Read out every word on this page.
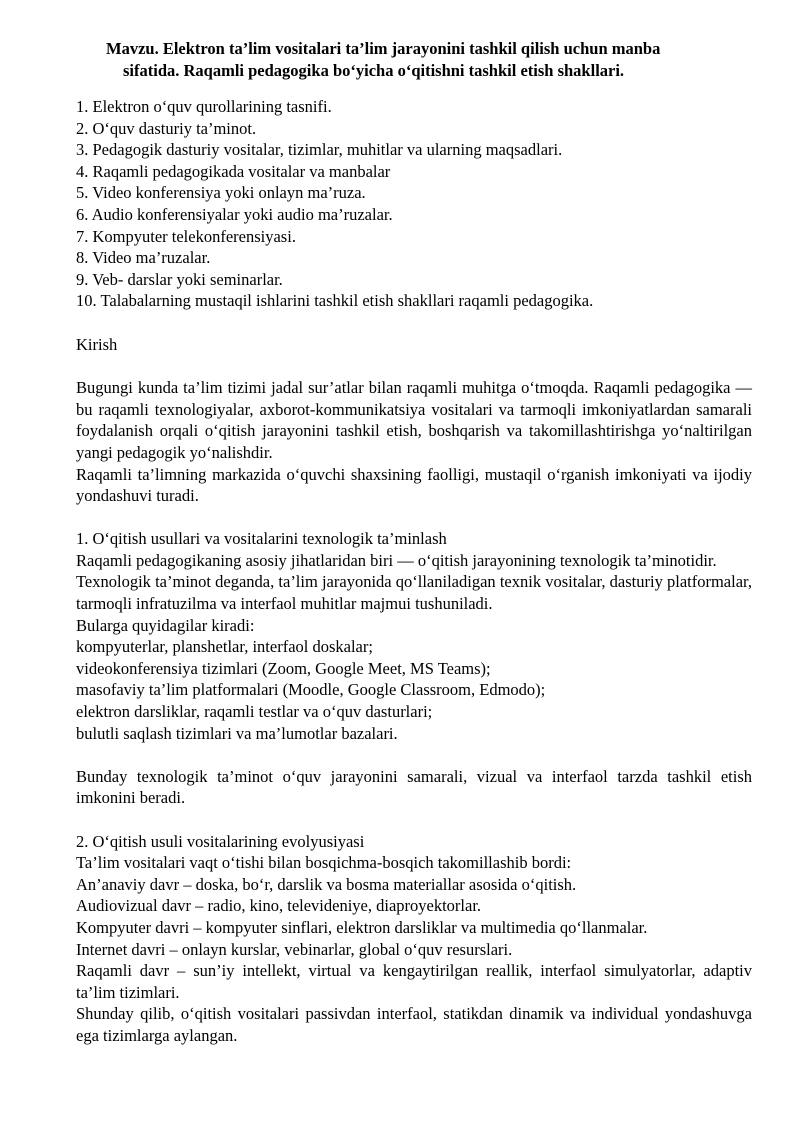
Mavzu. Elektron ta’lim vositalari ta’lim jarayonini tashkil qilish uchun manba
sifatida. Raqamli pedagogika bo‘yicha o‘qitishni tashkil etish shakllari.
1. Elektron o‘quv qurollarining tasnifi.
2. O‘quv dasturiy ta’minot.
3. Pedagogik dasturiy vositalar, tizimlar, muhitlar va ularning maqsadlari.
4. Raqamli pedagogikada vositalar va manbalar
5. Video konferensiya yoki onlayn ma’ruza.
6. Audio konferensiyalar yoki audio ma’ruzalar.
7. Kompyuter telekonferensiyasi.
8. Video ma’ruzalar.
9. Veb- darslar yoki seminarlar.
10. Talabalarning mustaqil ishlarini tashkil etish shakllari raqamli pedagogika.
Kirish
Bugungi kunda ta’lim tizimi jadal sur’atlar bilan raqamli muhitga o‘tmoqda. Raqamli pedagogika — bu raqamli texnologiyalar, axborot-kommunikatsiya vositalari va tarmoqli imkoniyatlardan samarali foydalanish orqali o‘qitish jarayonini tashkil etish, boshqarish va takomillashtirishga yo‘naltirilgan yangi pedagogik yo‘nalishdir.
Raqamli ta’limning markazida o‘quvchi shaxsining faolligi, mustaqil o‘rganish imkoniyati va ijodiy yondashuvi turadi.
1. O‘qitish usullari va vositalarini texnologik ta’minlash
Raqamli pedagogikaning asosiy jihatlaridan biri — o‘qitish jarayonining texnologik ta’minotidir.
Texnologik ta’minot deganda, ta’lim jarayonida qo‘llaniladigan texnik vositalar, dasturiy platformalar, tarmoqli infratuzilma va interfaol muhitlar majmui tushuniladi.
Bularga quyidagilar kiradi:
kompyuterlar, planshetlar, interfaol doskalar;
videokonferensiya tizimlari (Zoom, Google Meet, MS Teams);
masofaviy ta’lim platformalari (Moodle, Google Classroom, Edmodo);
elektron darsliklar, raqamli testlar va o‘quv dasturlari;
bulutli saqlash tizimlari va ma’lumotlar bazalari.
Bunday texnologik ta’minot o‘quv jarayonini samarali, vizual va interfaol tarzda tashkil etish imkonini beradi.
2. O‘qitish usuli vositalarining evolyusiyasi
Ta’lim vositalari vaqt o‘tishi bilan bosqichma-bosqich takomillashib bordi:
An’anaviy davr – doska, bo‘r, darslik va bosma materiallar asosida o‘qitish.
Audiovizual davr – radio, kino, televideniye, diaproyektorlar.
Kompyuter davri – kompyuter sinflari, elektron darsliklar va multimedia qo‘llanmalar.
Internet davri – onlayn kurslar, vebinarlar, global o‘quv resurslari.
Raqamli davr – sun’iy intellekt, virtual va kengaytirilgan reallik, interfaol simulyatorlar, adaptiv ta’lim tizimlari.
Shunday qilib, o‘qitish vositalari passivdan interfaol, statikdan dinamik va individual yondashuvga ega tizimlarga aylangan.
